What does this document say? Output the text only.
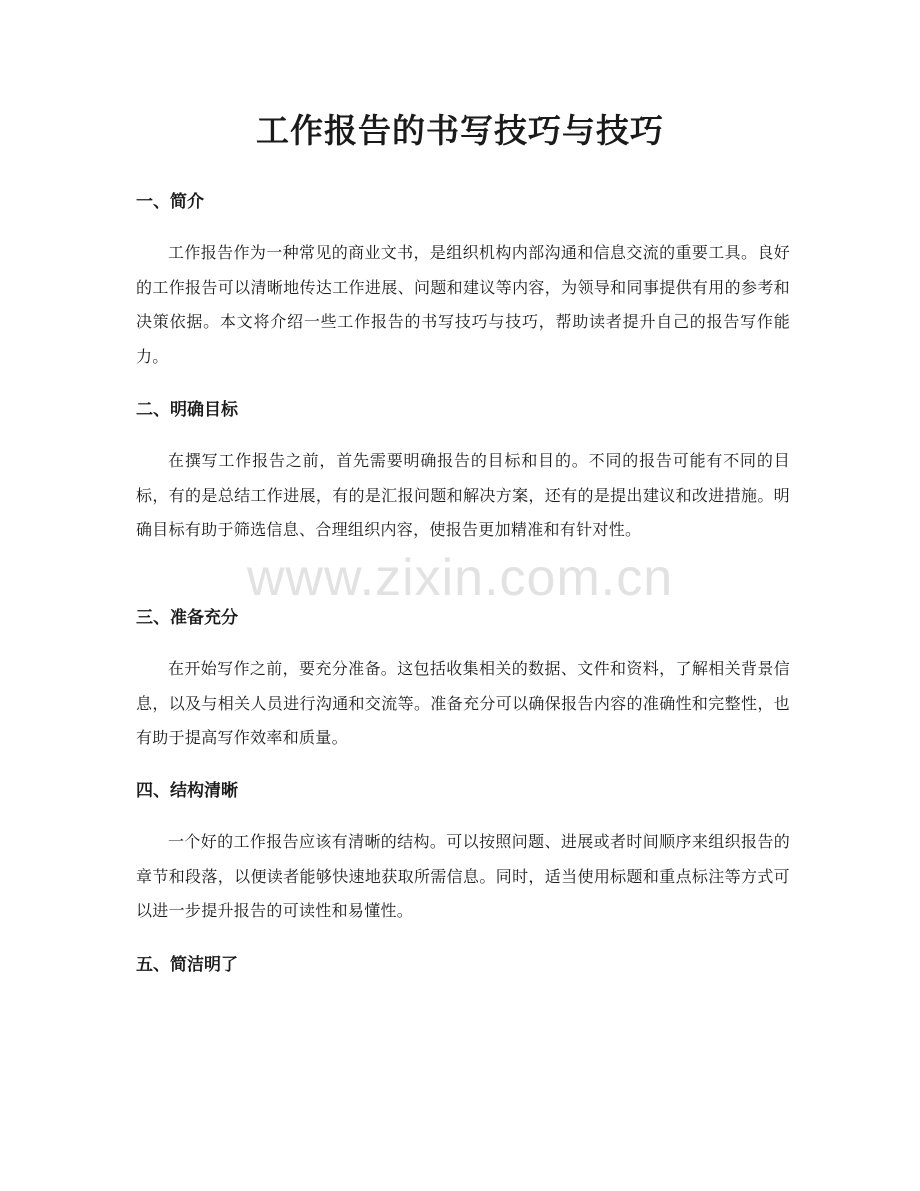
工作报告的书写技巧与技巧
一、简介

工作报告作为一种常见的商业文书，是组织机构内部沟通和信息交流的重要工具。良好的工作报告可以清晰地传达工作进展、问题和建议等内容，为领导和同事提供有用的参考和决策依据。本文将介绍一些工作报告的书写技巧与技巧，帮助读者提升自己的报告写作能力。

二、明确目标

在撰写工作报告之前，首先需要明确报告的目标和目的。不同的报告可能有不同的目标，有的是总结工作进展，有的是汇报问题和解决方案，还有的是提出建议和改进措施。明确目标有助于筛选信息、合理组织内容，使报告更加精准和有针对性。

三、准备充分

在开始写作之前，要充分准备。这包括收集相关的数据、文件和资料，了解相关背景信息，以及与相关人员进行沟通和交流等。准备充分可以确保报告内容的准确性和完整性，也有助于提高写作效率和质量。

四、结构清晰

一个好的工作报告应该有清晰的结构。可以按照问题、进展或者时间顺序来组织报告的章节和段落，以便读者能够快速地获取所需信息。同时，适当使用标题和重点标注等方式可以进一步提升报告的可读性和易懂性。

五、简洁明了
www.zixin.com.cn
